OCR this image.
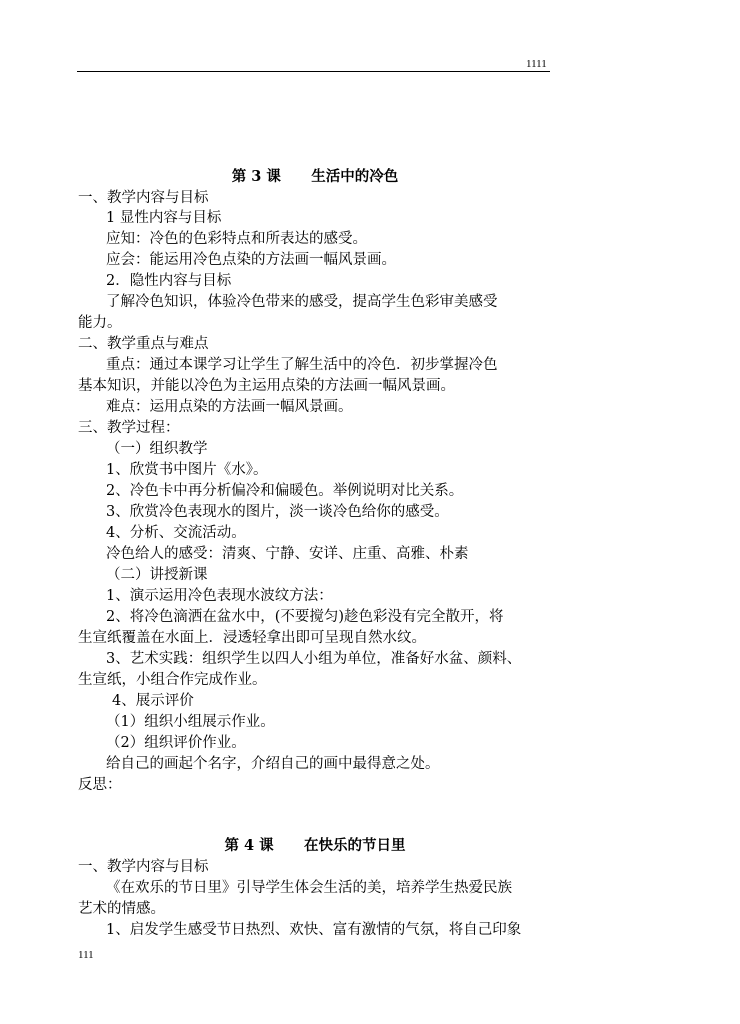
1111
第 3 课      生活中的冷色
一、教学内容与目标
1 显性内容与目标
应知：冷色的色彩特点和所表达的感受。
应会：能运用冷色点染的方法画一幅风景画。
2．隐性内容与目标
了解冷色知识，体验冷色带来的感受，提高学生色彩审美感受
能力。
二、教学重点与难点
重点：通过本课学习让学生了解生活中的冷色．初步掌握冷色
基本知识，并能以冷色为主运用点染的方法画一幅风景画。
难点：运用点染的方法画一幅风景画。
三、教学过程：
（一）组织教学
1、欣赏书中图片《水》。
2、冷色卡中再分析偏冷和偏暖色。举例说明对比关系。
3、欣赏冷色表现水的图片，淡一谈冷色给你的感受。
4、分析、交流活动。
冷色给人的感受：清爽、宁静、安详、庄重、高雅、朴素
（二）讲授新课
1、演示运用冷色表现水波纹方法：
2、将冷色滴洒在盆水中，(不要搅匀)趁色彩没有完全散开，将
生宣纸覆盖在水面上．浸透轻拿出即可呈现自然水纹。
3、艺术实践：组织学生以四人小组为单位，准备好水盆、颜料、
生宣纸，小组合作完成作业。
4、展示评价
（1）组织小组展示作业。
（2）组织评价作业。
给自己的画起个名字，介绍自己的画中最得意之处。
反思：
第 4 课      在快乐的节日里
一、教学内容与目标
《在欢乐的节日里》引导学生体会生活的美，培养学生热爱民族
艺术的情感。
1、启发学生感受节日热烈、欢快、富有激情的气氛，将自己印象
111
